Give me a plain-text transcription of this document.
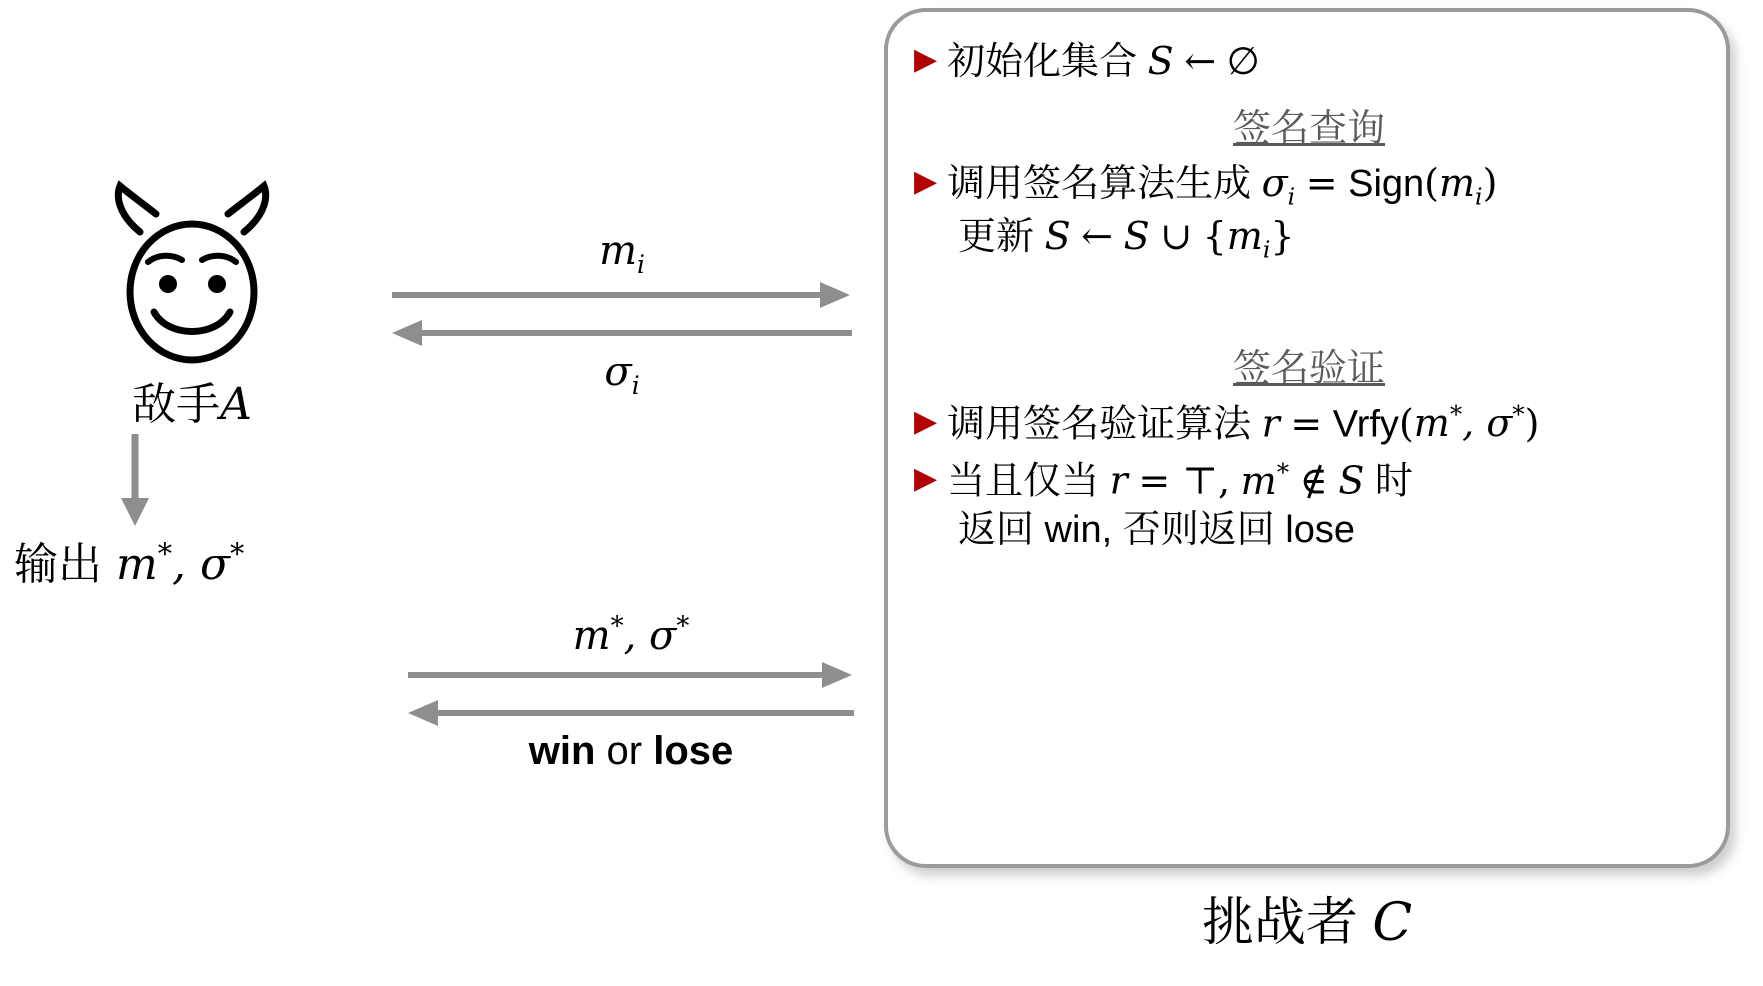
敌手A
输出 m*, σ*
$m_i$
$\sigma_i$
m*, σ*
win or lose
▶ 初始化集合 S ← ∅
签名查询
▶ 调用签名算法生成 $\sigma_i$ = $Sign(m_i)$
更新 S ← S ∪ $\{m_i\}$
签名验证
▶ 调用签名验证算法 r = Vrfy(m*, σ*)
▶ 当且仅当 r = ⊤, m* ∉ S 时
返回 win, 否则返回 lose
挑战者 C
